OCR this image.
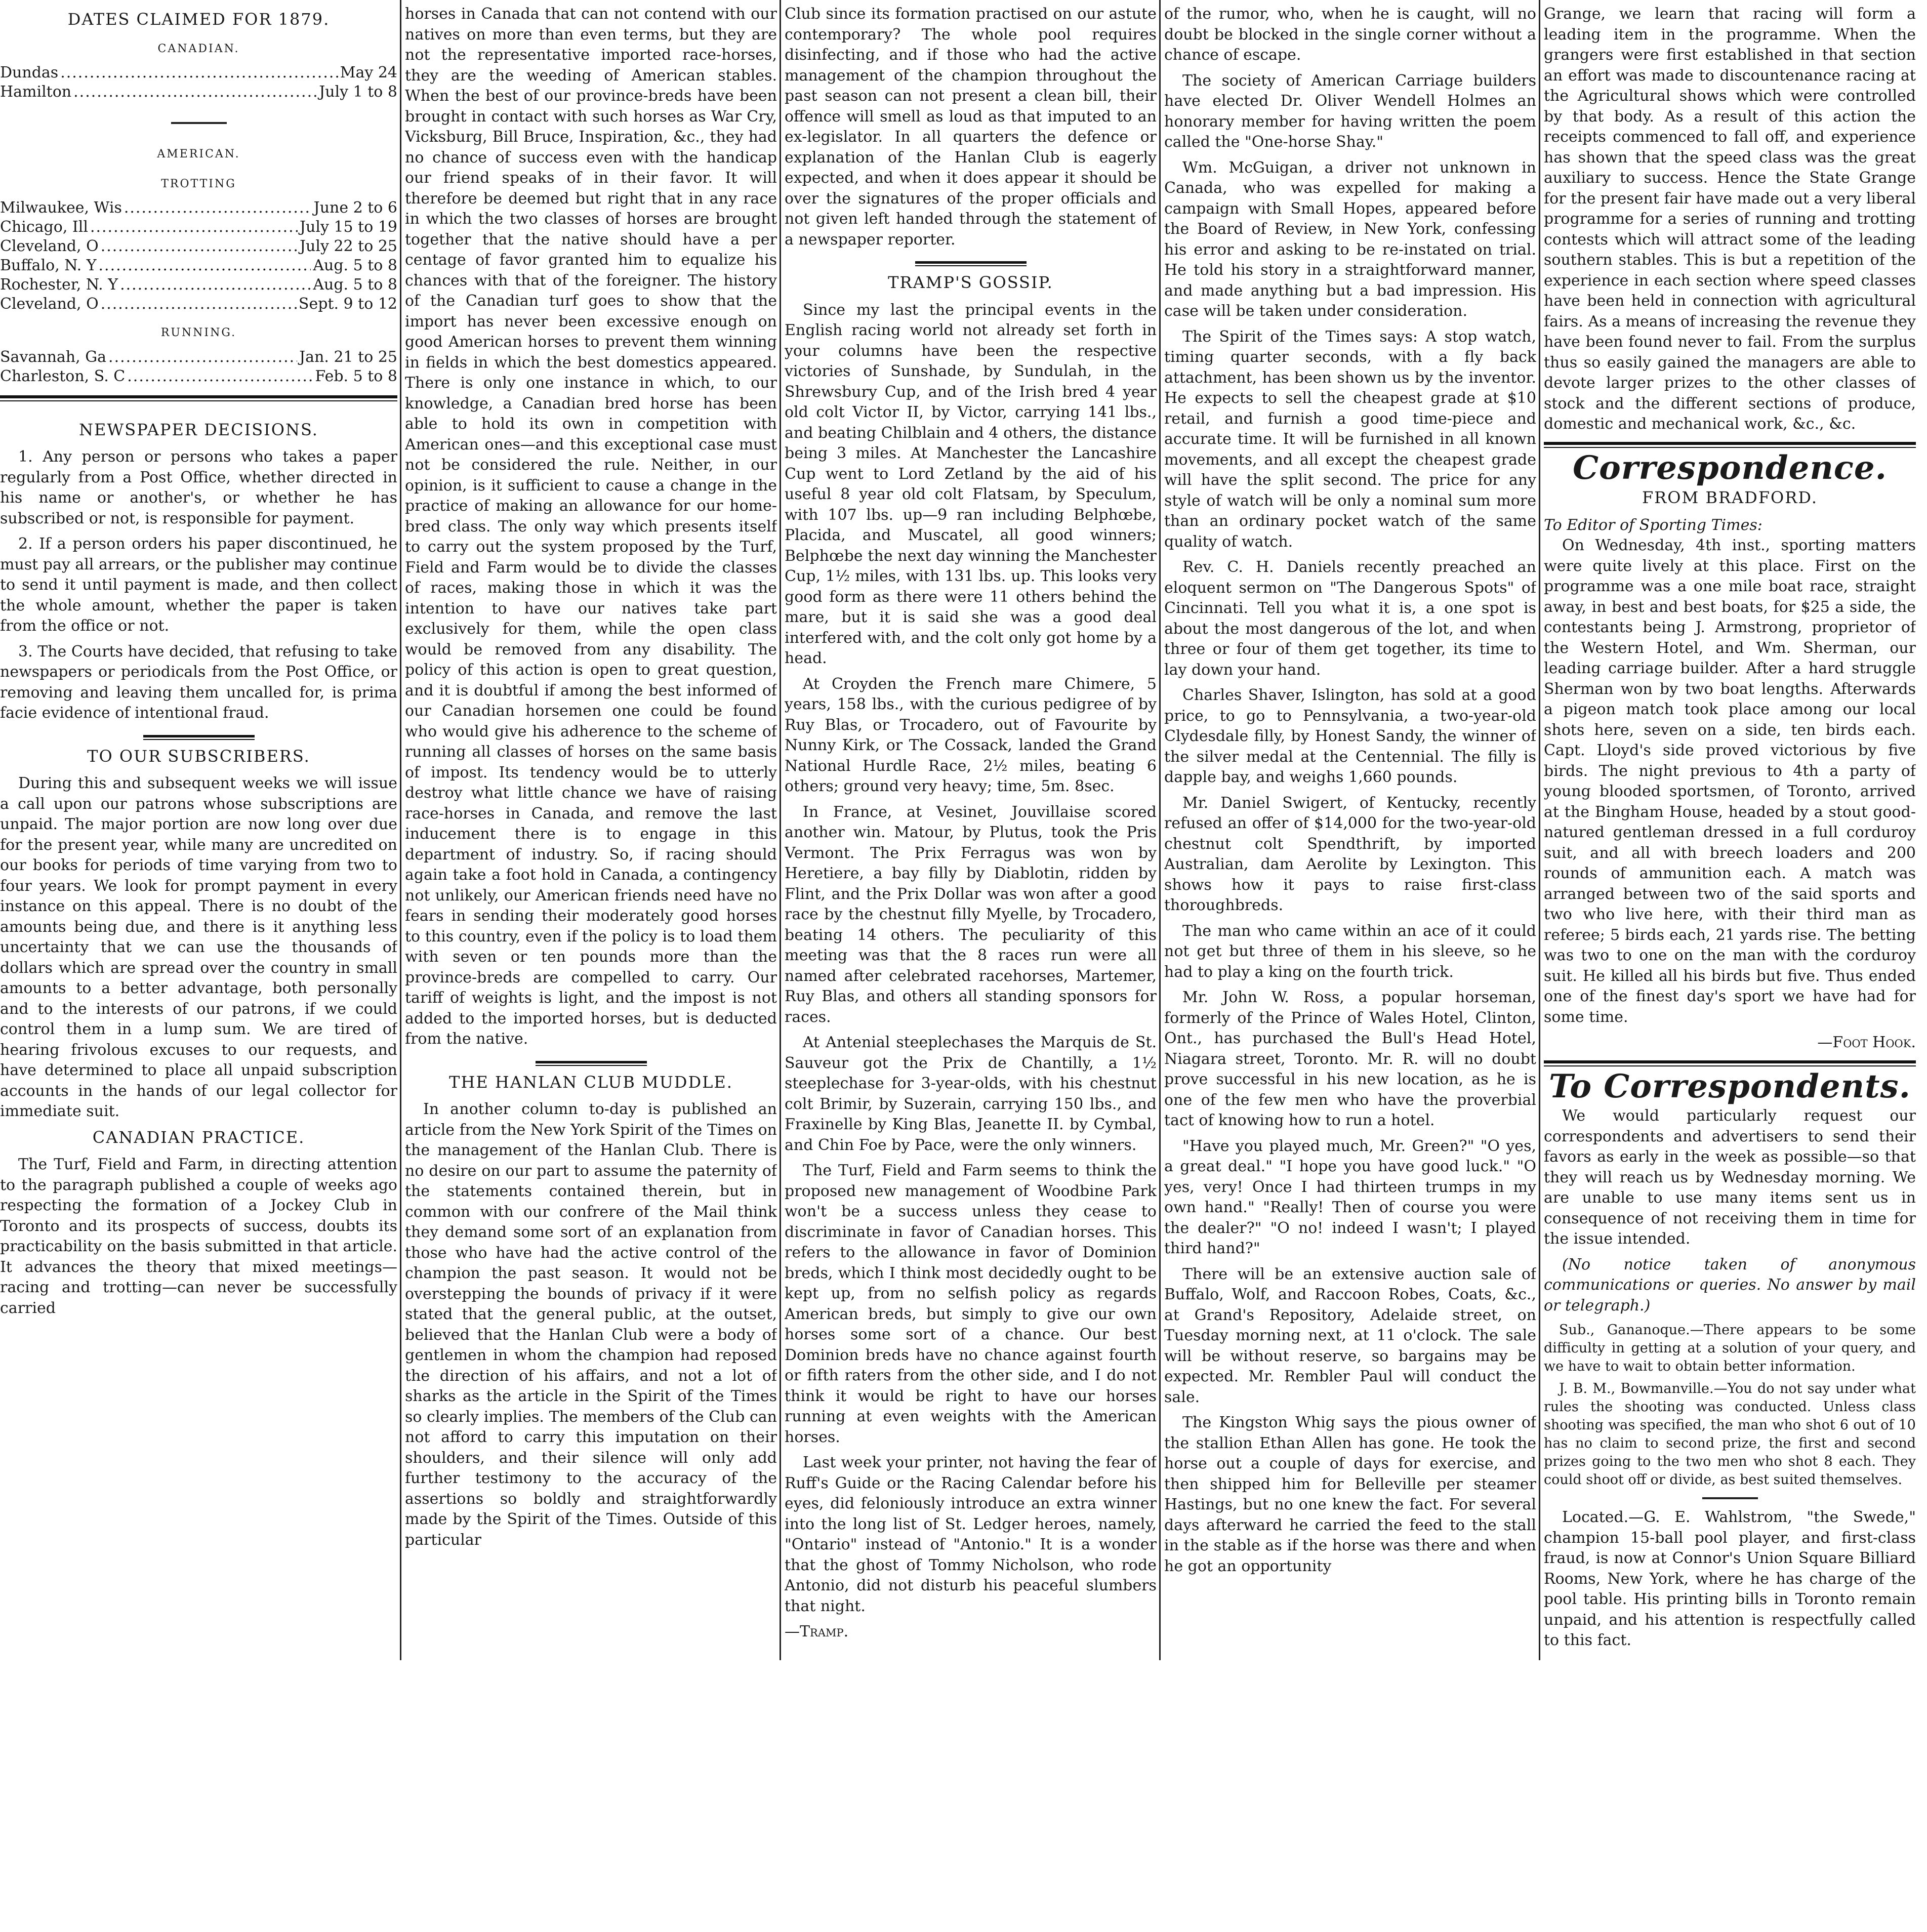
DATES CLAIMED FOR 1879.
CANADIAN.
Dundas .....	May 24
Hamilton .....	July 1 to 8
AMERICAN.
TROTTING
Milwaukee, Wis .....	June 2 to 6
Chicago, Ill .....	July 15 to 19
Cleveland, O .....	July 22 to 25
Buffalo, N. Y .....	Aug. 5 to 8
Rochester, N. Y .....	Aug. 5 to 8
Cleveland, O .....	Sept. 9 to 12
RUNNING.
Savannah, Ga .....	Jan. 21 to 25
Charleston, S. C .....	Feb. 5 to 8
NEWSPAPER DECISIONS.

1. Any person or persons who takes a paper regularly from a Post Office, whether directed in his name or another's, or whether he has subscribed or not, is responsible for payment.

2. If a person orders his paper discontinued, he must pay all arrears, or the publisher may continue to send it until payment is made, and then collect the whole amount, whether the paper is taken from the office or not.

3. The Courts have decided, that refusing to take newspapers or periodicals from the Post Office, or removing and leaving them uncalled for, is prima facie evidence of intentional fraud.

TO OUR SUBSCRIBERS.

During this and subsequent weeks we will issue a call upon our patrons whose subscriptions are unpaid. The major portion are now long over due for the present year, while many are uncredited on our books for periods of time varying from two to four years. We look for prompt payment in every instance on this appeal. There is no doubt of the amounts being due, and there is it anything less uncertainty that we can use the thousands of dollars which are spread over the country in small amounts to a better advantage, both personally and to the interests of our patrons, if we could control them in a lump sum. We are tired of hearing frivolous excuses to our requests, and have determined to place all unpaid subscription accounts in the hands of our legal collector for immediate suit.

CANADIAN PRACTICE.

The Turf, Field and Farm, in directing attention to the paragraph published a couple of weeks ago respecting the formation of a Jockey Club in Toronto and its prospects of success, doubts its practicability on the basis submitted in that article. It advances the theory that mixed meetings—racing and trotting—can never be successfully carried

horses in Canada that can not contend with our natives on more than even terms, but they are not the representative imported race-horses, they are the weeding of American stables. When the best of our province-breds have been brought in contact with such horses as War Cry, Vicksburg, Bill Bruce, Inspiration, &c., they had no chance of success even with the handicap our friend speaks of in their favor. It will therefore be deemed but right that in any race in which the two classes of horses are brought together that the native should have a per centage of favor granted him to equalize his chances with that of the foreigner. The history of the Canadian turf goes to show that the import has never been excessive enough on good American horses to prevent them winning in fields in which the best domestics appeared. There is only one instance in which, to our knowledge, a Canadian bred horse has been able to hold its own in competition with American ones—and this exceptional case must not be considered the rule. Neither, in our opinion, is it sufficient to cause a change in the practice of making an allowance for our home-bred class. The only way which presents itself to carry out the system proposed by the Turf, Field and Farm would be to divide the classes of races, making those in which it was the intention to have our natives take part exclusively for them, while the open class would be removed from any disability. The policy of this action is open to great question, and it is doubtful if among the best informed of our Canadian horsemen one could be found who would give his adherence to the scheme of running all classes of horses on the same basis of impost. Its tendency would be to utterly destroy what little chance we have of raising race-horses in Canada, and remove the last inducement there is to engage in this department of industry. So, if racing should again take a foot hold in Canada, a contingency not unlikely, our American friends need have no fears in sending their moderately good horses to this country, even if the policy is to load them with seven or ten pounds more than the province-breds are compelled to carry. Our tariff of weights is light, and the impost is not added to the imported horses, but is deducted from the native.

THE HANLAN CLUB MUDDLE.

In another column to-day is published an article from the New York Spirit of the Times on the management of the Hanlan Club. There is no desire on our part to assume the paternity of the statements contained therein, but in common with our confrere of the Mail think they demand some sort of an explanation from those who have had the active control of the champion the past season. It would not be overstepping the bounds of privacy if it were stated that the general public, at the outset, believed that the Hanlan Club were a body of gentlemen in whom the champion had reposed the direction of his affairs, and not a lot of sharks as the article in the Spirit of the Times so clearly implies. The members of the Club can not afford to carry this imputation on their shoulders, and their silence will only add further testimony to the accuracy of the assertions so boldly and straightforwardly made by the Spirit of the Times. Outside of this particular

Club since its formation practised on our astute contemporary? The whole pool requires disinfecting, and if those who had the active management of the champion throughout the past season can not present a clean bill, their offence will smell as loud as that imputed to an ex-legislator. In all quarters the defence or explanation of the Hanlan Club is eagerly expected, and when it does appear it should be over the signatures of the proper officials and not given left handed through the statement of a newspaper reporter.

TRAMP'S GOSSIP.

Since my last the principal events in the English racing world not already set forth in your columns have been the respective victories of Sunshade, by Sundulah, in the Shrewsbury Cup, and of the Irish bred 4 year old colt Victor II, by Victor, carrying 141 lbs., and beating Chilblain and 4 others, the distance being 3 miles. At Manchester the Lancashire Cup went to Lord Zetland by the aid of his useful 8 year old colt Flatsam, by Speculum, with 107 lbs. up—9 ran including Belphœbe, Placida, and Muscatel, all good winners; Belphœbe the next day winning the Manchester Cup, 1½ miles, with 131 lbs. up. This looks very good form as there were 11 others behind the mare, but it is said she was a good deal interfered with, and the colt only got home by a head.

At Croyden the French mare Chimere, 5 years, 158 lbs., with the curious pedigree of by Ruy Blas, or Trocadero, out of Favourite by Nunny Kirk, or The Cossack, landed the Grand National Hurdle Race, 2½ miles, beating 6 others; ground very heavy; time, 5m. 8sec.

In France, at Vesinet, Jouvillaise scored another win. Matour, by Plutus, took the Pris Vermont. The Prix Ferragus was won by Heretiere, a bay filly by Diablotin, ridden by Flint, and the Prix Dollar was won after a good race by the chestnut filly Myelle, by Trocadero, beating 14 others. The peculiarity of this meeting was that the 8 races run were all named after celebrated racehorses, Martemer, Ruy Blas, and others all standing sponsors for races.

At Antenial steeplechases the Marquis de St. Sauveur got the Prix de Chantilly, a 1½ steeplechase for 3-year-olds, with his chestnut colt Brimir, by Suzerain, carrying 150 lbs., and Fraxinelle by King Blas, Jeanette II. by Cymbal, and Chin Foe by Pace, were the only winners.

The Turf, Field and Farm seems to think the proposed new management of Woodbine Park won't be a success unless they cease to discriminate in favor of Canadian horses. This refers to the allowance in favor of Dominion breds, which I think most decidedly ought to be kept up, from no selfish policy as regards American breds, but simply to give our own horses some sort of a chance. Our best Dominion breds have no chance against fourth or fifth raters from the other side, and I do not think it would be right to have our horses running at even weights with the American horses.

Last week your printer, not having the fear of Ruff's Guide or the Racing Calendar before his eyes, did feloniously introduce an extra winner into the long list of St. Ledger heroes, namely, "Ontario" instead of "Antonio." It is a wonder that the ghost of Tommy Nicholson, who rode Antonio, did not disturb his peaceful slumbers that night.

—Tramp.

of the rumor, who, when he is caught, will no doubt be blocked in the single corner without a chance of escape.

The society of American Carriage builders have elected Dr. Oliver Wendell Holmes an honorary member for having written the poem called the "One-horse Shay."

Wm. McGuigan, a driver not unknown in Canada, who was expelled for making a campaign with Small Hopes, appeared before the Board of Review, in New York, confessing his error and asking to be re-instated on trial. He told his story in a straightforward manner, and made anything but a bad impression. His case will be taken under consideration.

The Spirit of the Times says: A stop watch, timing quarter seconds, with a fly back attachment, has been shown us by the inventor. He expects to sell the cheapest grade at $10 retail, and furnish a good time-piece and accurate time. It will be furnished in all known movements, and all except the cheapest grade will have the split second. The price for any style of watch will be only a nominal sum more than an ordinary pocket watch of the same quality of watch.

Rev. C. H. Daniels recently preached an eloquent sermon on "The Dangerous Spots" of Cincinnati. Tell you what it is, a one spot is about the most dangerous of the lot, and when three or four of them get together, its time to lay down your hand.

Charles Shaver, Islington, has sold at a good price, to go to Pennsylvania, a two-year-old Clydesdale filly, by Honest Sandy, the winner of the silver medal at the Centennial. The filly is dapple bay, and weighs 1,660 pounds.

Mr. Daniel Swigert, of Kentucky, recently refused an offer of $14,000 for the two-year-old chestnut colt Spendthrift, by imported Australian, dam Aerolite by Lexington. This shows how it pays to raise first-class thoroughbreds.

The man who came within an ace of it could not get but three of them in his sleeve, so he had to play a king on the fourth trick.

Mr. John W. Ross, a popular horseman, formerly of the Prince of Wales Hotel, Clinton, Ont., has purchased the Bull's Head Hotel, Niagara street, Toronto. Mr. R. will no doubt prove successful in his new location, as he is one of the few men who have the proverbial tact of knowing how to run a hotel.

"Have you played much, Mr. Green?" "O yes, a great deal." "I hope you have good luck." "O yes, very! Once I had thirteen trumps in my own hand." "Really! Then of course you were the dealer?" "O no! indeed I wasn't; I played third hand?"

There will be an extensive auction sale of Buffalo, Wolf, and Raccoon Robes, Coats, &c., at Grand's Repository, Adelaide street, on Tuesday morning next, at 11 o'clock. The sale will be without reserve, so bargains may be expected. Mr. Rembler Paul will conduct the sale.

The Kingston Whig says the pious owner of the stallion Ethan Allen has gone. He took the horse out a couple of days for exercise, and then shipped him for Belleville per steamer Hastings, but no one knew the fact. For several days afterward he carried the feed to the stall in the stable as if the horse was there and when he got an opportunity

Grange, we learn that racing will form a leading item in the programme. When the grangers were first established in that section an effort was made to discountenance racing at the Agricultural shows which were controlled by that body. As a result of this action the receipts commenced to fall off, and experience has shown that the speed class was the great auxiliary to success. Hence the State Grange for the present fair have made out a very liberal programme for a series of running and trotting contests which will attract some of the leading southern stables. This is but a repetition of the experience in each section where speed classes have been held in connection with agricultural fairs. As a means of increasing the revenue they have been found never to fail. From the surplus thus so easily gained the managers are able to devote larger prizes to the other classes of stock and the different sections of produce, domestic and mechanical work, &c., &c.

Correspondence.
FROM BRADFORD.
To Editor of Sporting Times:

On Wednesday, 4th inst., sporting matters were quite lively at this place. First on the programme was a one mile boat race, straight away, in best and best boats, for $25 a side, the contestants being J. Armstrong, proprietor of the Western Hotel, and Wm. Sherman, our leading carriage builder. After a hard struggle Sherman won by two boat lengths. Afterwards a pigeon match took place among our local shots here, seven on a side, ten birds each. Capt. Lloyd's side proved victorious by five birds. The night previous to 4th a party of young blooded sportsmen, of Toronto, arrived at the Bingham House, headed by a stout good-natured gentleman dressed in a full corduroy suit, and all with breech loaders and 200 rounds of ammunition each. A match was arranged between two of the said sports and two who live here, with their third man as referee; 5 birds each, 21 yards rise. The betting was two to one on the man with the corduroy suit. He killed all his birds but five. Thus ended one of the finest day's sport we have had for some time.

—Foot Hook.
To Correspondents.

We would particularly request our correspondents and advertisers to send their favors as early in the week as possible—so that they will reach us by Wednesday morning. We are unable to use many items sent us in consequence of not receiving them in time for the issue intended.

(No notice taken of anonymous communications or queries. No answer by mail or telegraph.)

Sub., Gananoque.—There appears to be some difficulty in getting at a solution of your query, and we have to wait to obtain better information.

J. B. M., Bowmanville.—You do not say under what rules the shooting was conducted. Unless class shooting was specified, the man who shot 6 out of 10 has no claim to second prize, the first and second prizes going to the two men who shot 8 each. They could shoot off or divide, as best suited themselves.

Located.—G. E. Wahlstrom, "the Swede," champion 15-ball pool player, and first-class fraud, is now at Connor's Union Square Billiard Rooms, New York, where he has charge of the pool table. His printing bills in Toronto remain unpaid, and his attention is respectfully called to this fact.
